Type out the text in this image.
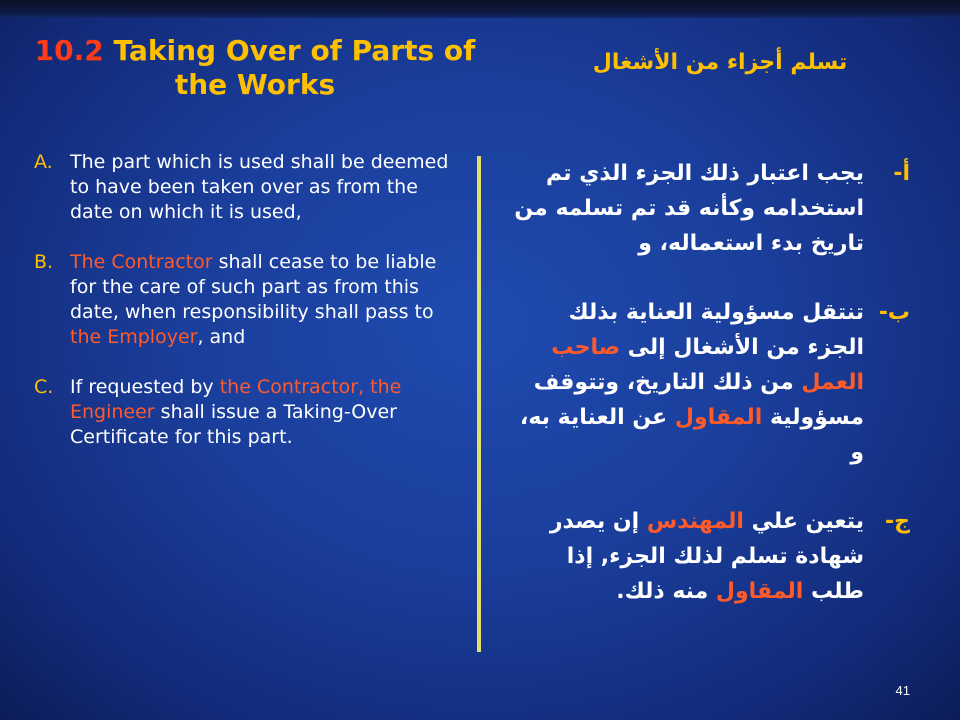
10.2 Taking Over of Parts of the Works
تسلم أجزاء من الأشغال
A. The part which is used shall be deemed to have been taken over as from the date on which it is used,
B. The Contractor shall cease to be liable for the care of such part as from this date, when responsibility shall pass to the Employer, and
C. If requested by the Contractor, the Engineer shall issue a Taking-Over Certificate for this part.
أ-
يجب اعتبار ذلك الجزء الذي تم استخدامه وكأنه قد تم تسلمه من تاريخ بدء استعماله، و
ب-
تنتقل مسؤولية العناية بذلك الجزء من الأشغال إلى صاحب العمل من ذلك التاريخ، وتتوقف مسؤولية المقاول عن العناية به، و
ج-
يتعين علي المهندس إن يصدر شهادة تسلم لذلك الجزء, إذا طلب المقاول منه ذلك.
41
